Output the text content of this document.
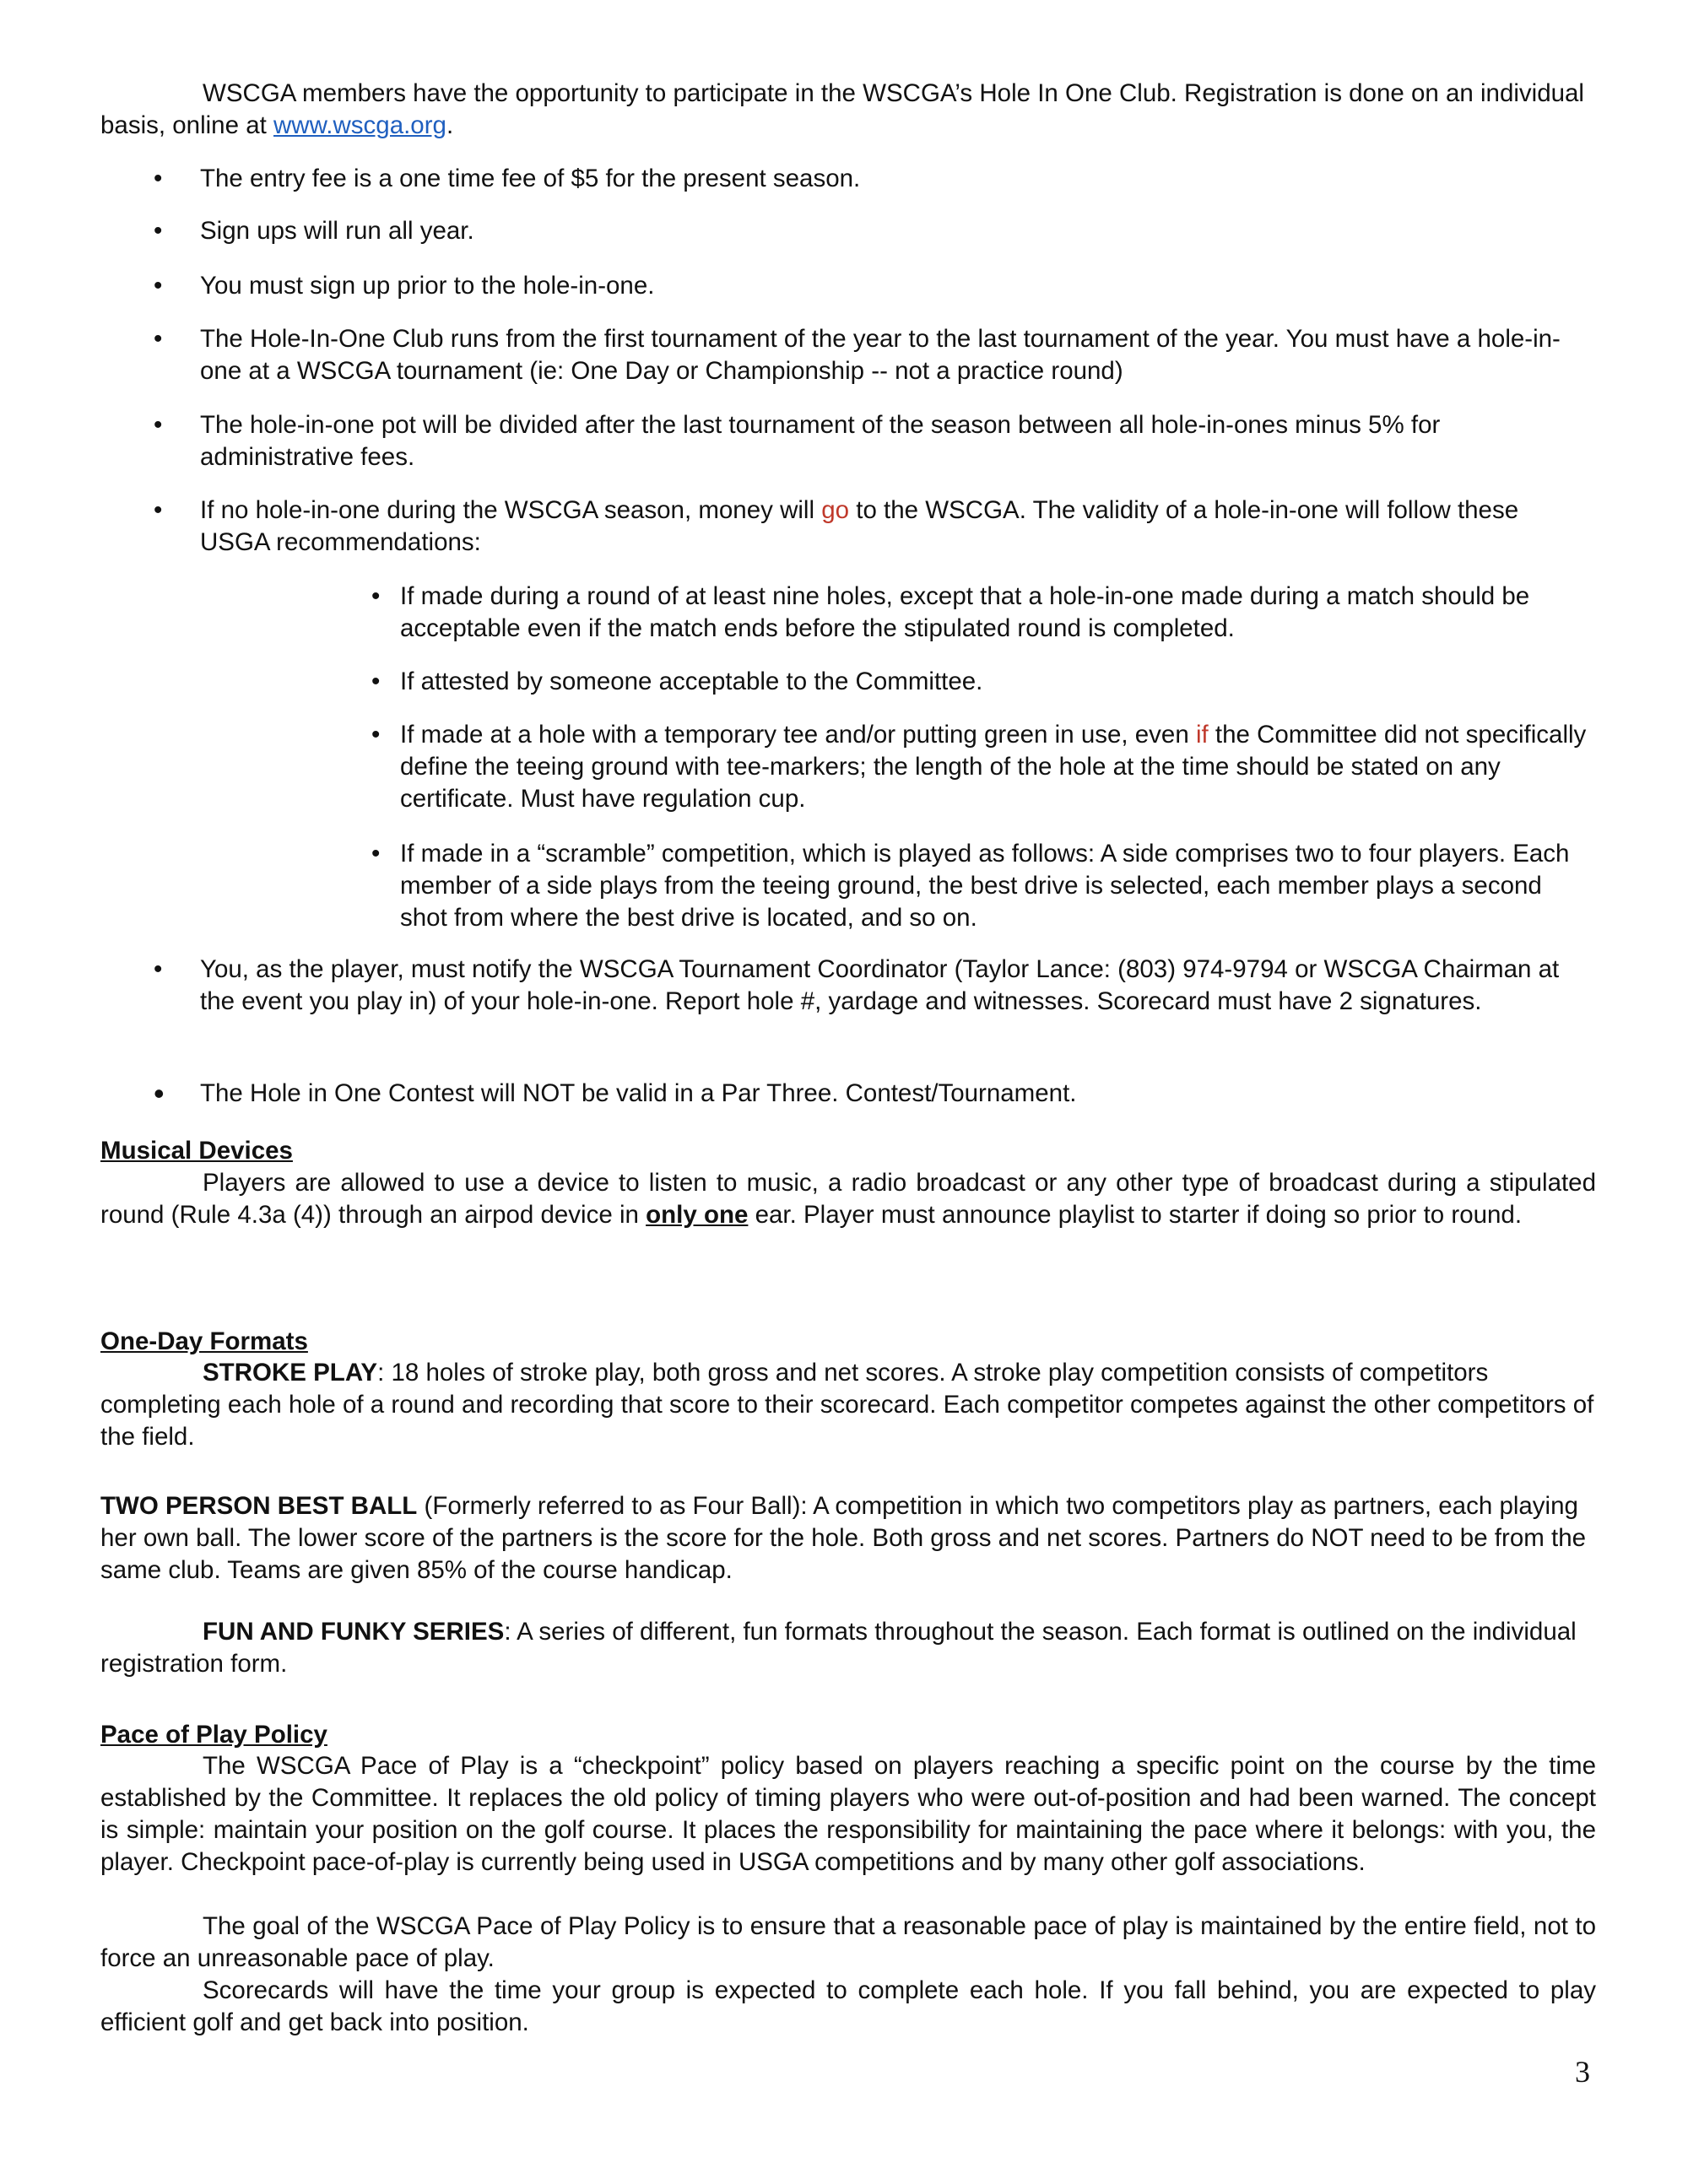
WSCGA members have the opportunity to participate in the WSCGA’s Hole In One Club. Registration is done on an individual basis, online at www.wscga.org.
• The entry fee is a one time fee of $5 for the present season.
• Sign ups will run all year.
• You must sign up prior to the hole-in-one.
• The Hole-In-One Club runs from the first tournament of the year to the last tournament of the year. You must have a hole-in-one at a WSCGA tournament (ie: One Day or Championship -- not a practice round)
• The hole-in-one pot will be divided after the last tournament of the season between all hole-in-ones minus 5% for administrative fees.
• If no hole-in-one during the WSCGA season, money will go to the WSCGA. The validity of a hole-in-one will follow these USGA recommendations:
• If made during a round of at least nine holes, except that a hole-in-one made during a match should be acceptable even if the match ends before the stipulated round is completed.
• If attested by someone acceptable to the Committee.
• If made at a hole with a temporary tee and/or putting green in use, even if the Committee did not specifically define the teeing ground with tee-markers; the length of the hole at the time should be stated on any certificate. Must have regulation cup.
• If made in a “scramble” competition, which is played as follows: A side comprises two to four players. Each member of a side plays from the teeing ground, the best drive is selected, each member plays a second shot from where the best drive is located, and so on.
• You, as the player, must notify the WSCGA Tournament Coordinator (Taylor Lance: (803) 974-9794 or WSCGA Chairman at the event you play in) of your hole-in-one. Report hole #, yardage and witnesses. Scorecard must have 2 signatures.
• The Hole in One Contest will NOT be valid in a Par Three. Contest/Tournament.
Musical Devices
Players are allowed to use a device to listen to music, a radio broadcast or any other type of broadcast during a stipulated round (Rule 4.3a (4)) through an airpod device in only one ear. Player must announce playlist to starter if doing so prior to round.
One-Day Formats
STROKE PLAY: 18 holes of stroke play, both gross and net scores. A stroke play competition consists of competitors completing each hole of a round and recording that score to their scorecard. Each competitor competes against the other competitors of the field.
TWO PERSON BEST BALL (Formerly referred to as Four Ball): A competition in which two competitors play as partners, each playing her own ball. The lower score of the partners is the score for the hole. Both gross and net scores. Partners do NOT need to be from the same club. Teams are given 85% of the course handicap.
FUN AND FUNKY SERIES: A series of different, fun formats throughout the season. Each format is outlined on the individual registration form.
Pace of Play Policy
The WSCGA Pace of Play is a “checkpoint” policy based on players reaching a specific point on the course by the time established by the Committee. It replaces the old policy of timing players who were out-of-position and had been warned. The concept is simple: maintain your position on the golf course. It places the responsibility for maintaining the pace where it belongs: with you, the player. Checkpoint pace-of-play is currently being used in USGA competitions and by many other golf associations.
The goal of the WSCGA Pace of Play Policy is to ensure that a reasonable pace of play is maintained by the entire field, not to force an unreasonable pace of play.
Scorecards will have the time your group is expected to complete each hole. If you fall behind, you are expected to play efficient golf and get back into position.
3
